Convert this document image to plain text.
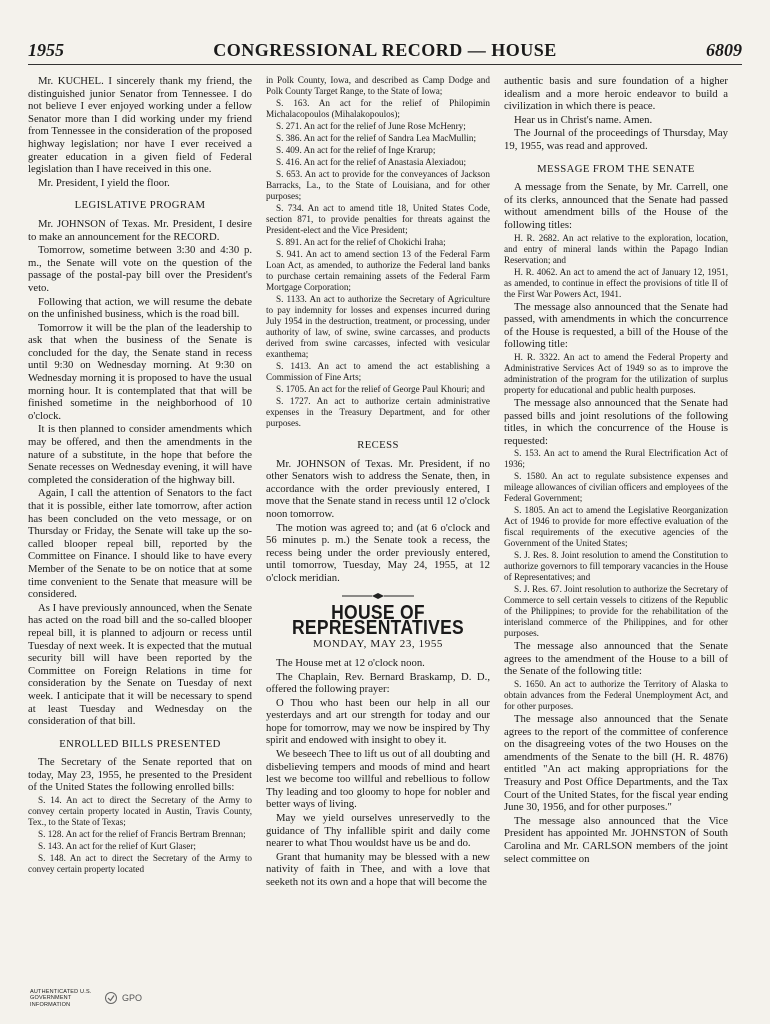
1955	CONGRESSIONAL RECORD — HOUSE	6809

Mr. KUCHEL. I sincerely thank my friend, the distinguished junior Senator from Tennessee. I do not believe I ever enjoyed working under a fellow Senator more than I did working under my friend from Tennessee in the consideration of the proposed highway legislation; nor have I ever received a greater education in a given field of Federal legislation than I have received in this one.

Mr. President, I yield the floor.

LEGISLATIVE PROGRAM

Mr. JOHNSON of Texas. Mr. President, I desire to make an announcement for the RECORD.

Tomorrow, sometime between 3:30 and 4:30 p. m., the Senate will vote on the question of the passage of the postal-pay bill over the President's veto.

Following that action, we will resume the debate on the unfinished business, which is the road bill.

Tomorrow it will be the plan of the leadership to ask that when the business of the Senate is concluded for the day, the Senate stand in recess until 9:30 on Wednesday morning. At 9:30 on Wednesday morning it is proposed to have the usual morning hour. It is contemplated that that will be finished sometime in the neighborhood of 10 o'clock.

It is then planned to consider amendments which may be offered, and then the amendments in the nature of a substitute, in the hope that before the Senate recesses on Wednesday evening, it will have completed the consideration of the highway bill.

Again, I call the attention of Senators to the fact that it is possible, either late tomorrow, after action has been concluded on the veto message, or on Thursday or Friday, the Senate will take up the so-called blooper repeal bill, reported by the Committee on Finance. I should like to have every Member of the Senate to be on notice that at some time convenient to the Senate that measure will be considered.

As I have previously announced, when the Senate has acted on the road bill and the so-called blooper repeal bill, it is planned to adjourn or recess until Tuesday of next week. It is expected that the mutual security bill will have been reported by the Committee on Foreign Relations in time for consideration by the Senate on Tuesday of next week. I anticipate that it will be necessary to spend at least Tuesday and Wednesday on the consideration of that bill.

ENROLLED BILLS PRESENTED

The Secretary of the Senate reported that on today, May 23, 1955, he presented to the President of the United States the following enrolled bills:

S. 14. An act to direct the Secretary of the Army to convey certain property located in Austin, Travis County, Tex., to the State of Texas;

S. 128. An act for the relief of Francis Bertram Brennan;

S. 143. An act for the relief of Kurt Glaser;

S. 148. An act to direct the Secretary of the Army to convey certain property located

in Polk County, Iowa, and described as Camp Dodge and Polk County Target Range, to the State of Iowa;

S. 163. An act for the relief of Philopimin Michalacopoulos (Mihalakopoulos);

S. 271. An act for the relief of June Rose McHenry;

S. 386. An act for the relief of Sandra Lea MacMullin;

S. 409. An act for the relief of Inge Krarup;

S. 416. An act for the relief of Anastasia Alexiadou;

S. 653. An act to provide for the conveyances of Jackson Barracks, La., to the State of Louisiana, and for other purposes;

S. 734. An act to amend title 18, United States Code, section 871, to provide penalties for threats against the President-elect and the Vice President;

S. 891. An act for the relief of Chokichi Iraha;

S. 941. An act to amend section 13 of the Federal Farm Loan Act, as amended, to authorize the Federal land banks to purchase certain remaining assets of the Federal Farm Mortgage Corporation;

S. 1133. An act to authorize the Secretary of Agriculture to pay indemnity for losses and expenses incurred during July 1954 in the destruction, treatment, or processing, under authority of law, of swine, swine carcasses, and products derived from swine carcasses, infected with vesicular exanthema;

S. 1413. An act to amend the act establishing a Commission of Fine Arts;

S. 1705. An act for the relief of George Paul Khouri; and

S. 1727. An act to authorize certain administrative expenses in the Treasury Department, and for other purposes.

RECESS

Mr. JOHNSON of Texas. Mr. President, if no other Senators wish to address the Senate, then, in accordance with the order previously entered, I move that the Senate stand in recess until 12 o'clock noon tomorrow.

The motion was agreed to; and (at 6 o'clock and 56 minutes p. m.) the Senate took a recess, the recess being under the order previously entered, until tomorrow, Tuesday, May 24, 1955, at 12 o'clock meridian.

HOUSE OF REPRESENTATIVES

MONDAY, MAY 23, 1955

The House met at 12 o'clock noon.

The Chaplain, Rev. Bernard Braskamp, D. D., offered the following prayer:

O Thou who hast been our help in all our yesterdays and art our strength for today and our hope for tomorrow, may we now be inspired by Thy spirit and endowed with insight to obey it.

We beseech Thee to lift us out of all doubting and disbelieving tempers and moods of mind and heart lest we become too willful and rebellious to follow Thy leading and too gloomy to hope for nobler and better ways of living.

May we yield ourselves unreservedly to the guidance of Thy infallible spirit and daily come nearer to what Thou wouldst have us be and do.

Grant that humanity may be blessed with a new nativity of faith in Thee, and with a love that seeketh not its own and a hope that will become the

authentic basis and sure foundation of a higher idealism and a more heroic endeavor to build a civilization in which there is peace.

Hear us in Christ's name. Amen.

The Journal of the proceedings of Thursday, May 19, 1955, was read and approved.

MESSAGE FROM THE SENATE

A message from the Senate, by Mr. Carrell, one of its clerks, announced that the Senate had passed without amendment bills of the House of the following titles:

H. R. 2682. An act relative to the exploration, location, and entry of mineral lands within the Papago Indian Reservation; and

H. R. 4062. An act to amend the act of January 12, 1951, as amended, to continue in effect the provisions of title II of the First War Powers Act, 1941.

The message also announced that the Senate had passed, with amendments in which the concurrence of the House is requested, a bill of the House of the following title:

H. R. 3322. An act to amend the Federal Property and Administrative Services Act of 1949 so as to improve the administration of the program for the utilization of surplus property for educational and public health purposes.

The message also announced that the Senate had passed bills and joint resolutions of the following titles, in which the concurrence of the House is requested:

S. 153. An act to amend the Rural Electrification Act of 1936;

S. 1580. An act to regulate subsistence expenses and mileage allowances of civilian officers and employees of the Federal Government;

S. 1805. An act to amend the Legislative Reorganization Act of 1946 to provide for more effective evaluation of the fiscal requirements of the executive agencies of the Government of the United States;

S. J. Res. 8. Joint resolution to amend the Constitution to authorize governors to fill temporary vacancies in the House of Representatives; and

S. J. Res. 67. Joint resolution to authorize the Secretary of Commerce to sell certain vessels to citizens of the Republic of the Philippines; to provide for the rehabilitation of the interisland commerce of the Philippines, and for other purposes.

The message also announced that the Senate agrees to the amendment of the House to a bill of the Senate of the following title:

S. 1650. An act to authorize the Territory of Alaska to obtain advances from the Federal Unemployment Act, and for other purposes.

The message also announced that the Senate agrees to the report of the committee of conference on the disagreeing votes of the two Houses on the amendments of the Senate to the bill (H. R. 4876) entitled "An act making appropriations for the Treasury and Post Office Departments, and the Tax Court of the United States, for the fiscal year ending June 30, 1956, and for other purposes."

The message also announced that the Vice President has appointed Mr. JOHNSTON of South Carolina and Mr. CARLSON members of the joint select committee on

AUTHENTICATED U.S. GOVERNMENT INFORMATION
GPO
